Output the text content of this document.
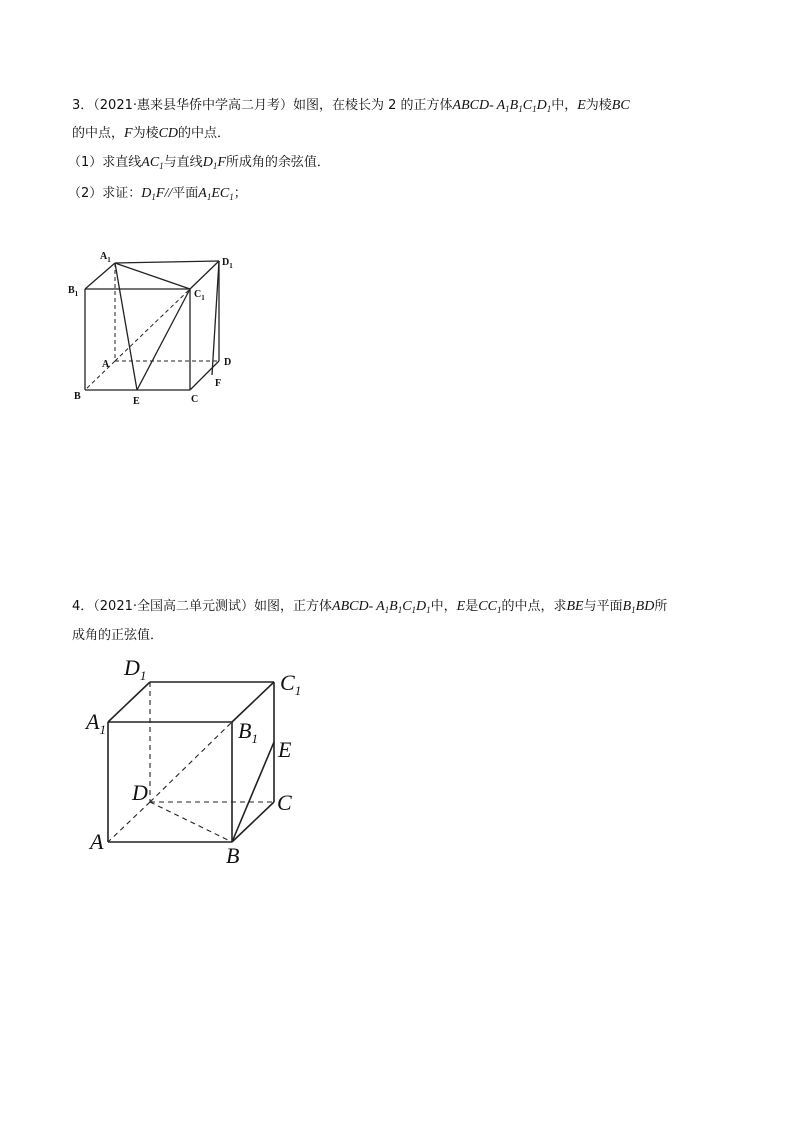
3．（2021·惠来县华侨中学高二月考）如图，在棱长为 2 的正方体ABCD-  $A_1B_1C_1D_1$中，E为棱BC
的中点，F为棱CD的中点．
（1）求直线$AC_1$与直线$D_1F$所成角的余弦值．
（2）求证：$D_1F//$平面$A_1EC_1$；
$A_1$	$D_1$
$B_1$	$C_1$
A	D
F
B	E	C
4．（2021·全国高二单元测试）如图，正方体ABCD-  $A_1B_1C_1D_1$中，E是$CC_1$的中点，求BE与平面$B_1BD$所
成角的正弦值．
$D_1$	$C_1$
$A_1$	$B_1$ E
D	C
A
B
